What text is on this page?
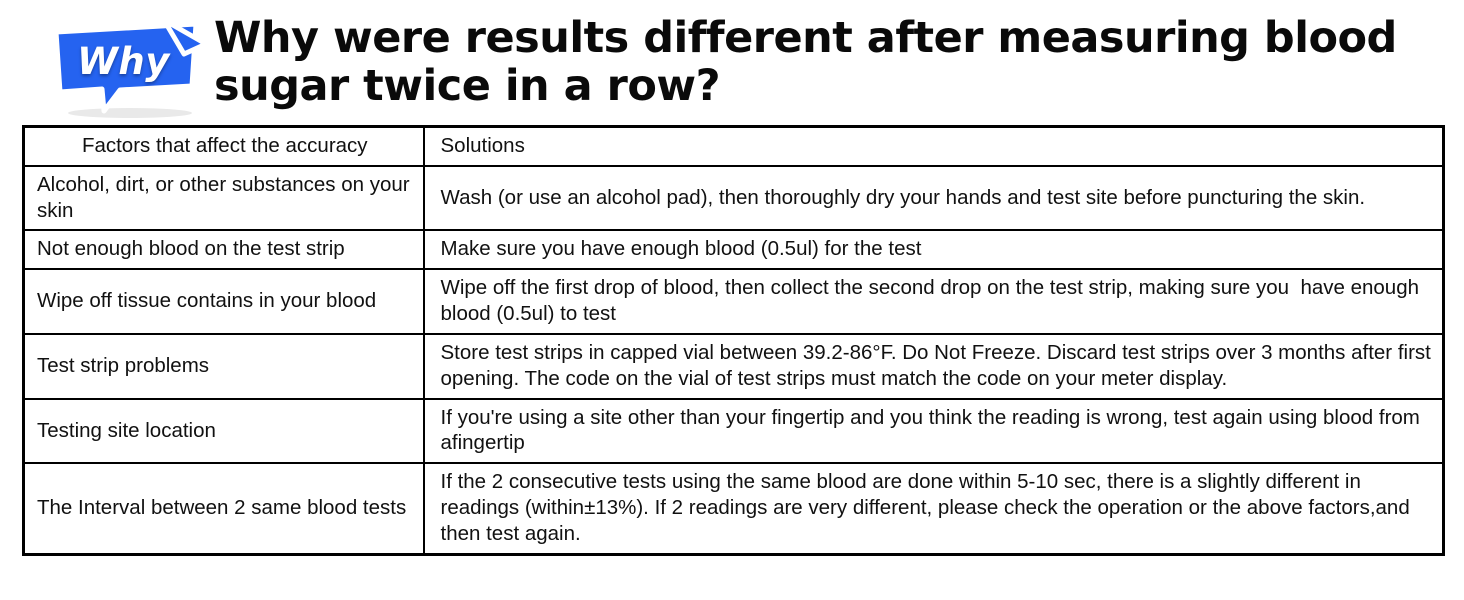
Why	Why were results different after measuring blood sugar twice in a row?
Factors that affect the accuracy	Solutions
Alcohol, dirt, or other substances on your skin	Wash (or use an alcohol pad), then thoroughly dry your hands and test site before puncturing the skin.
Not enough blood on the test strip	Make sure you have enough blood (0.5ul) for the test
Wipe off tissue contains in your blood	Wipe off the first drop of blood, then collect the second drop on the test strip, making sure you  have enough blood (0.5ul) to test
Test strip problems	Store test strips in capped vial between 39.2-86°F. Do Not Freeze. Discard test strips over 3 months after first opening. The code on the vial of test strips must match the code on your meter display.
Testing site location	If you're using a site other than your fingertip and you think the reading is wrong, test again using blood from afingertip
The Interval between 2 same blood tests	If the 2 consecutive tests using the same blood are done within 5-10 sec, there is a slightly different in readings (within±13%). If 2 readings are very different, please check the operation or the above factors,and then test again.
